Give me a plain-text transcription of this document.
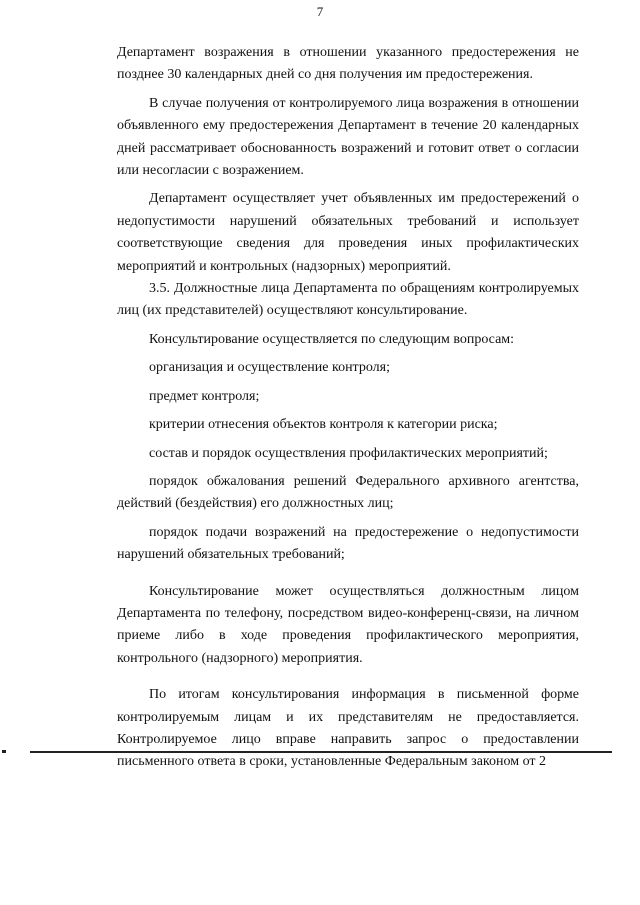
7

Департамент возражения в отношении указанного предостережения не позднее 30 календарных дней со дня получения им предостережения.

В случае получения от контролируемого лица возражения в отношении объявленного ему предостережения Департамент в течение 20 календарных дней рассматривает обоснованность возражений и готовит ответ о согласии или несогласии с возражением.

Департамент осуществляет учет объявленных им предостережений о недопустимости нарушений обязательных требований и использует соответствующие сведения для проведения иных профилактических мероприятий и контрольных (надзорных) мероприятий.

3.5. Должностные лица Департамента по обращениям контролируемых лиц (их представителей) осуществляют консультирование.

Консультирование осуществляется по следующим вопросам:

организация и осуществление контроля;

предмет контроля;

критерии отнесения объектов контроля к категории риска;

состав и порядок осуществления профилактических мероприятий;

порядок обжалования решений Федерального архивного агентства, действий (бездействия) его должностных лиц;

порядок подачи возражений на предостережение о недопустимости нарушений обязательных требований;

Консультирование может осуществляться должностным лицом Департамента по телефону, посредством видео-конференц-связи, на личном приеме либо в ходе проведения профилактического мероприятия, контрольного (надзорного) мероприятия.

По итогам консультирования информация в письменной форме контролируемым лицам и их представителям не предоставляется. Контролируемое лицо вправе направить запрос о предоставлении письменного ответа в сроки, установленные Федеральным законом от 2
